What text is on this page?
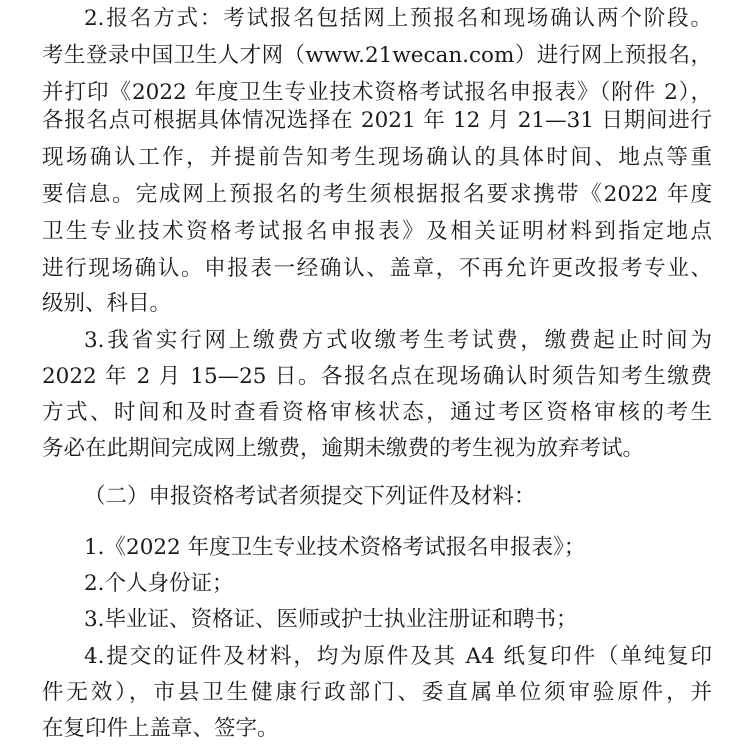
2.报名方式：考试报名包括网上预报名和现场确认两个阶段。
考生登录中国卫生人才网（www.21wecan.com）进行网上预报名，
并打印《2022 年度卫生专业技术资格考试报名申报表》（附件 2），
各报名点可根据具体情况选择在 2021 年 12 月 21—31 日期间进行
现场确认工作，并提前告知考生现场确认的具体时间、地点等重
要信息。完成网上预报名的考生须根据报名要求携带《2022 年度
卫生专业技术资格考试报名申报表》及相关证明材料到指定地点
进行现场确认。申报表一经确认、盖章，不再允许更改报考专业、
级别、科目。
3.我省实行网上缴费方式收缴考生考试费，缴费起止时间为
2022 年 2 月 15—25 日。各报名点在现场确认时须告知考生缴费
方式、时间和及时查看资格审核状态，通过考区资格审核的考生
务必在此期间完成网上缴费，逾期未缴费的考生视为放弃考试。
（二）申报资格考试者须提交下列证件及材料：
1.《2022 年度卫生专业技术资格考试报名申报表》；
2.个人身份证；
3.毕业证、资格证、医师或护士执业注册证和聘书；
4.提交的证件及材料，均为原件及其 A4 纸复印件（单纯复印
件无效），市县卫生健康行政部门、委直属单位须审验原件，并
在复印件上盖章、签字。
